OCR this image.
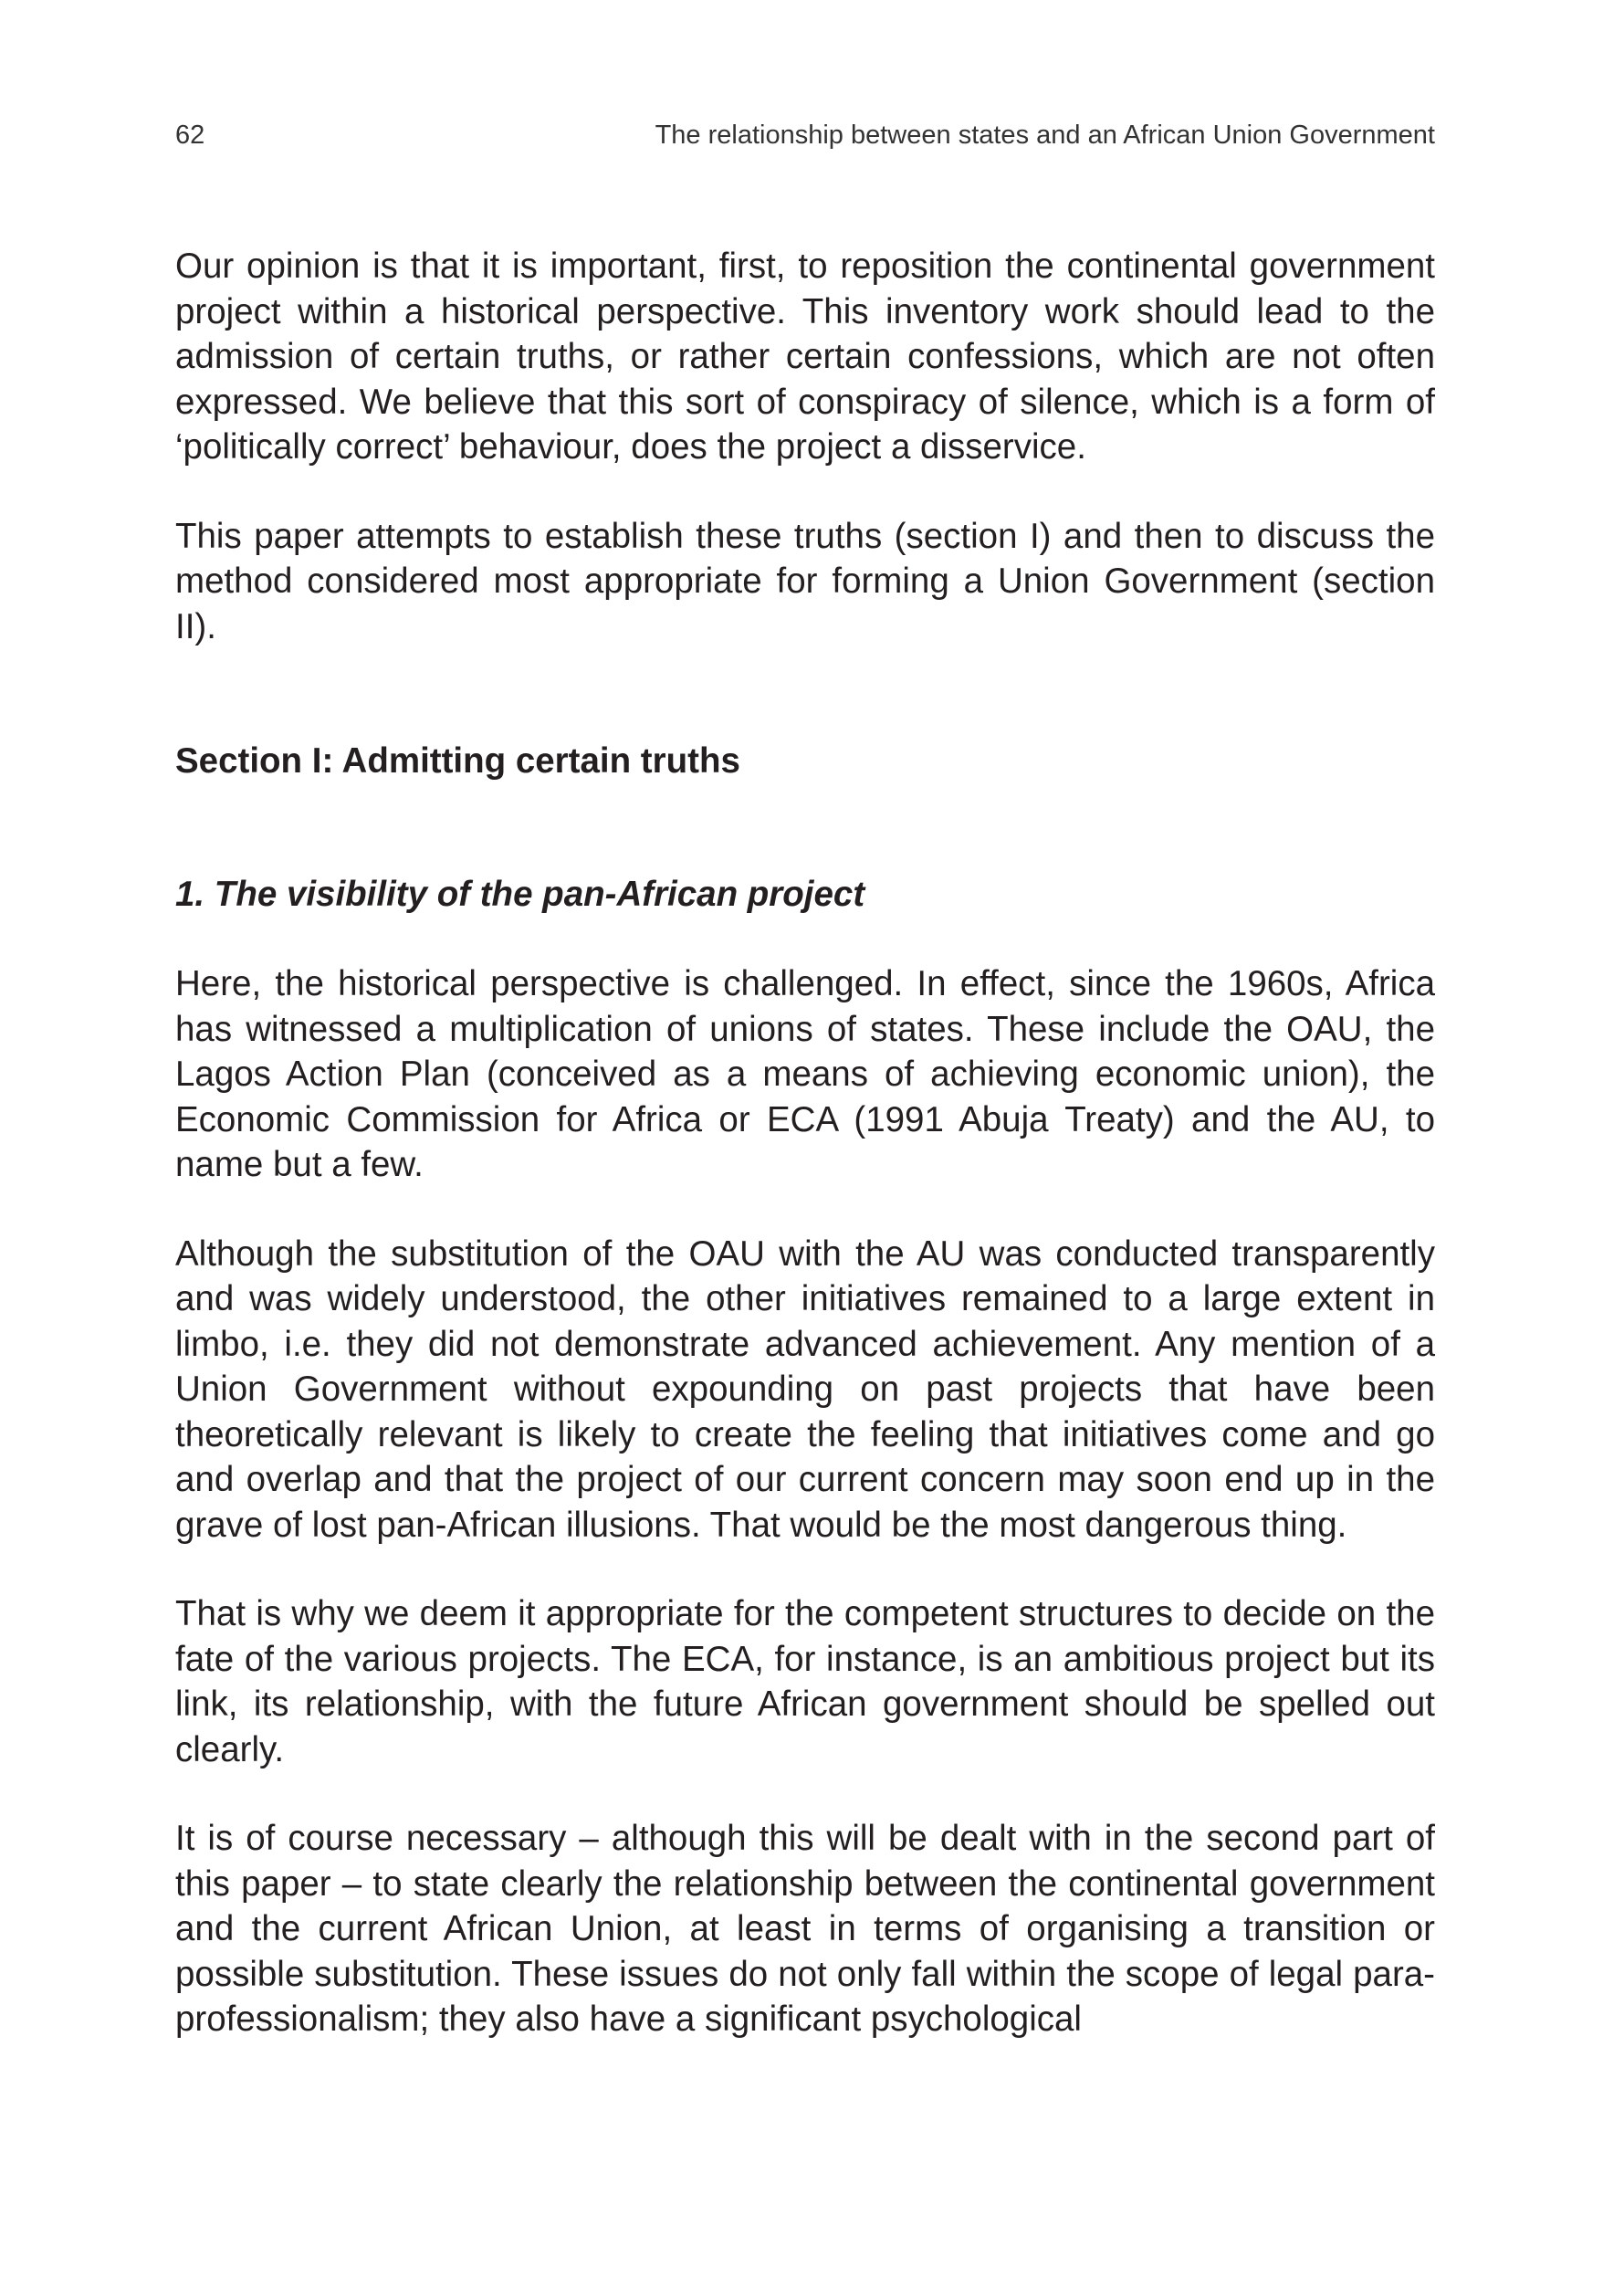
62	The relationship between states and an African Union Government

Our opinion is that it is important, first, to reposition the continental government project within a historical perspective. This inventory work should lead to the admission of certain truths, or rather certain confessions, which are not often expressed. We believe that this sort of conspiracy of silence, which is a form of ‘politically correct’ behaviour, does the project a disservice.

This paper attempts to establish these truths (section I) and then to discuss the method considered most appropriate for forming a Union Government (section II).

Section I: Admitting certain truths
1. The visibility of the pan-African project

Here, the historical perspective is challenged. In effect, since the 1960s, Africa has witnessed a multiplication of unions of states. These include the OAU, the Lagos Action Plan (conceived as a means of achieving economic union), the Economic Commission for Africa or ECA (1991 Abuja Treaty) and the AU, to name but a few.

Although the substitution of the OAU with the AU was conducted transparently and was widely understood, the other initiatives remained to a large extent in limbo, i.e. they did not demonstrate advanced achievement. Any mention of a Union Government without expounding on past projects that have been theoretically relevant is likely to create the feeling that initiatives come and go and overlap and that the project of our current concern may soon end up in the grave of lost pan-African illusions. That would be the most dangerous thing.

That is why we deem it appropriate for the competent structures to decide on the fate of the various projects. The ECA, for instance, is an ambitious project but its link, its relationship, with the future African government should be spelled out clearly.

It is of course necessary – although this will be dealt with in the second part of this paper – to state clearly the relationship between the continental government and the current African Union, at least in terms of organising a transition or possible substitution. These issues do not only fall within the scope of legal para-professionalism; they also have a significant psychological
